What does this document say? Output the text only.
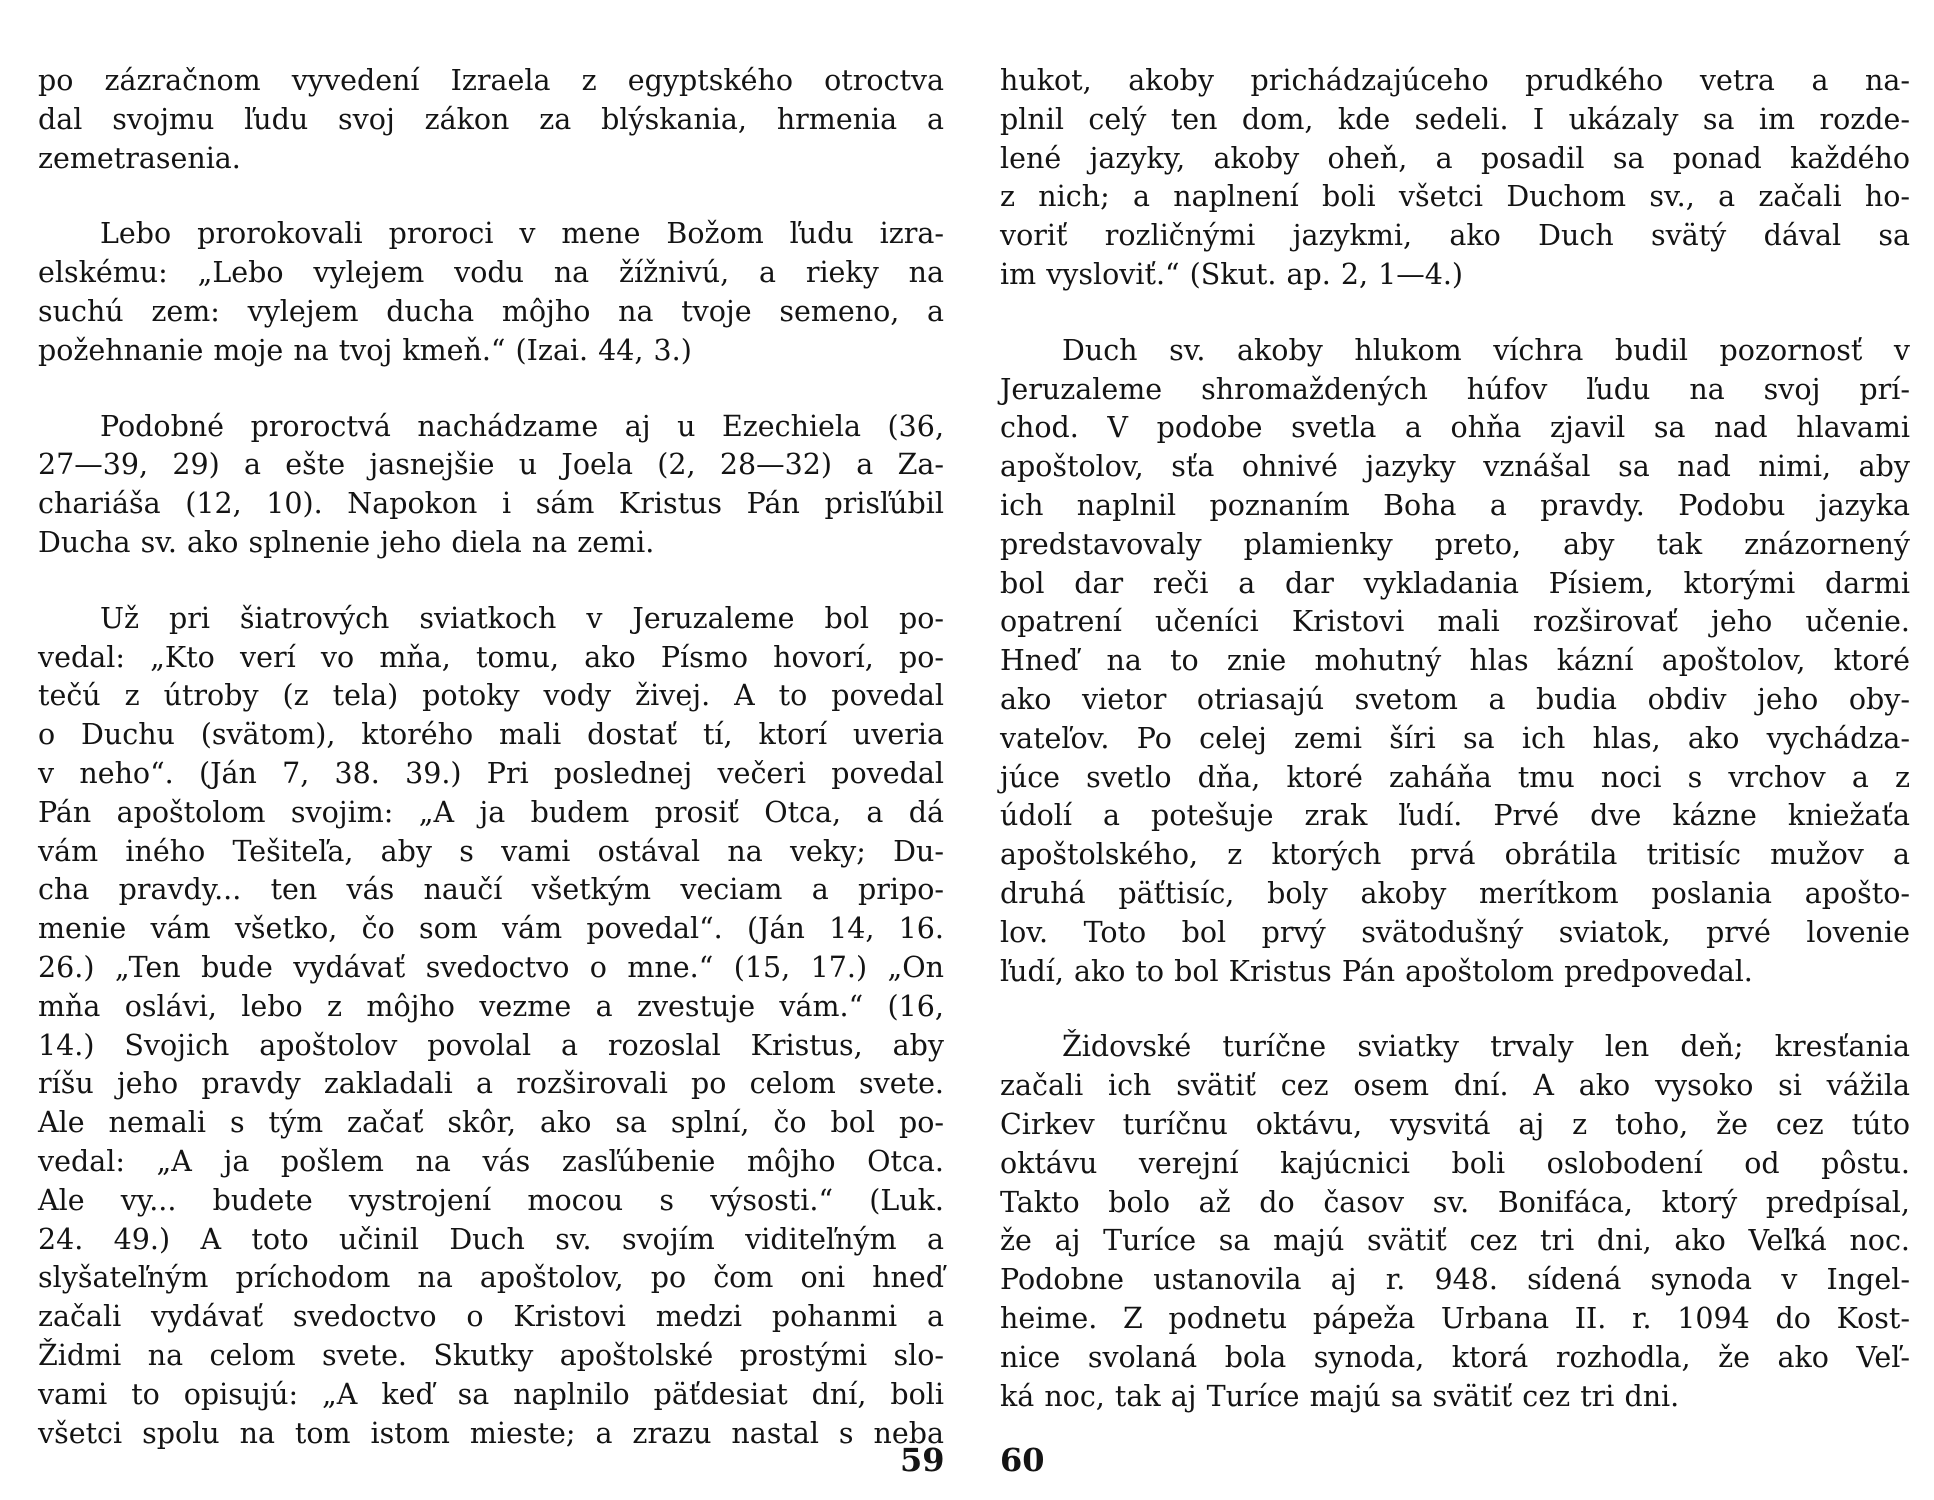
po zázračnom vyvedení Izraela z egyptského otroctva
dal svojmu ľudu svoj zákon za blýskania, hrmenia a
zemetrasenia.
Lebo prorokovali proroci v mene Božom ľudu izra-
elskému: „Lebo vylejem vodu na žížnivú, a rieky na
suchú zem: vylejem ducha môjho na tvoje semeno, a
požehnanie moje na tvoj kmeň.“ (Izai. 44, 3.)
Podobné proroctvá nachádzame aj u Ezechiela (36,
27—39, 29) a ešte jasnejšie u Joela (2, 28—32) a Za-
chariáša (12, 10). Napokon i sám Kristus Pán prisľúbil
Ducha sv. ako splnenie jeho diela na zemi.
Už pri šiatrových sviatkoch v Jeruzaleme bol po-
vedal: „Kto verí vo mňa, tomu, ako Písmo hovorí, po-
tečú z útroby (z tela) potoky vody živej. A to povedal
o Duchu (svätom), ktorého mali dostať tí, ktorí uveria
v neho“. (Ján 7, 38. 39.) Pri poslednej večeri povedal
Pán apoštolom svojim: „A ja budem prosiť Otca, a dá
vám iného Tešiteľa, aby s vami ostával na veky; Du-
cha pravdy... ten vás naučí všetkým veciam a pripo-
menie vám všetko, čo som vám povedal“. (Ján 14, 16.
26.) „Ten bude vydávať svedoctvo o mne.“ (15, 17.) „On
mňa oslávi, lebo z môjho vezme a zvestuje vám.“ (16,
14.) Svojich apoštolov povolal a rozoslal Kristus, aby
ríšu jeho pravdy zakladali a rozširovali po celom svete.
Ale nemali s tým začať skôr, ako sa splní, čo bol po-
vedal: „A ja pošlem na vás zasľúbenie môjho Otca.
Ale vy... budete vystrojení mocou s výsosti.“ (Luk.
24. 49.) A toto učinil Duch sv. svojím viditeľným a
slyšateľným príchodom na apoštolov, po čom oni hneď
začali vydávať svedoctvo o Kristovi medzi pohanmi a
Židmi na celom svete. Skutky apoštolské prostými slo-
vami to opisujú: „A keď sa naplnilo päťdesiat dní, boli
všetci spolu na tom istom mieste; a zrazu nastal s neba
hukot, akoby prichádzajúceho prudkého vetra a na-
plnil celý ten dom, kde sedeli. I ukázaly sa im rozde-
lené jazyky, akoby oheň, a posadil sa ponad každého
z nich; a naplnení boli všetci Duchom sv., a začali ho-
voriť rozličnými jazykmi, ako Duch svätý dával sa
im vysloviť.“ (Skut. ap. 2, 1—4.)
Duch sv. akoby hlukom víchra budil pozornosť v
Jeruzaleme shromaždených húfov ľudu na svoj prí-
chod. V podobe svetla a ohňa zjavil sa nad hlavami
apoštolov, sťa ohnivé jazyky vznášal sa nad nimi, aby
ich naplnil poznaním Boha a pravdy. Podobu jazyka
predstavovaly plamienky preto, aby tak znázornený
bol dar reči a dar vykladania Písiem, ktorými darmi
opatrení učeníci Kristovi mali rozširovať jeho učenie.
Hneď na to znie mohutný hlas kázní apoštolov, ktoré
ako vietor otriasajú svetom a budia obdiv jeho oby-
vateľov. Po celej zemi šíri sa ich hlas, ako vychádza-
júce svetlo dňa, ktoré zaháňa tmu noci s vrchov a z
údolí a potešuje zrak ľudí. Prvé dve kázne kniežaťa
apoštolského, z ktorých prvá obrátila tritisíc mužov a
druhá päťtisíc, boly akoby merítkom poslania apošto-
lov. Toto bol prvý svätodušný sviatok, prvé lovenie
ľudí, ako to bol Kristus Pán apoštolom predpovedal.
Židovské turíčne sviatky trvaly len deň; kresťania
začali ich svätiť cez osem dní. A ako vysoko si vážila
Cirkev turíčnu oktávu, vysvitá aj z toho, že cez túto
oktávu verejní kajúcnici boli oslobodení od pôstu.
Takto bolo až do časov sv. Bonifáca, ktorý predpísal,
že aj Turíce sa majú svätiť cez tri dni, ako Veľká noc.
Podobne ustanovila aj r. 948. sídená synoda v Ingel-
heime. Z podnetu pápeža Urbana II. r. 1094 do Kost-
nice svolaná bola synoda, ktorá rozhodla, že ako Veľ-
ká noc, tak aj Turíce majú sa svätiť cez tri dni.
59 60
